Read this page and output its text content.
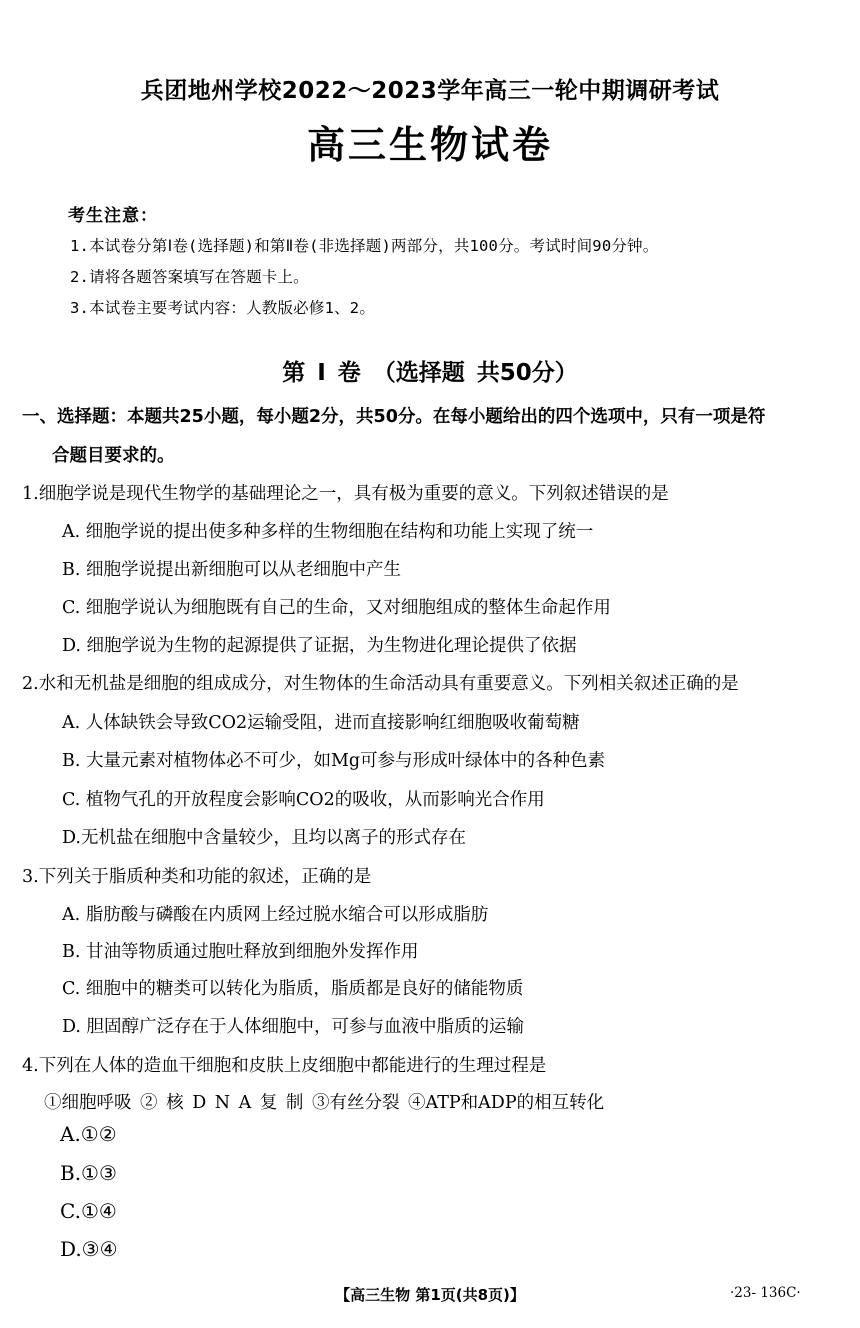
兵团地州学校2022～2023学年高三一轮中期调研考试
高三生物试卷
考生注意：
1.本试卷分第Ⅰ卷(选择题)和第Ⅱ卷(非选择题)两部分，共100分。考试时间90分钟。
2.请将各题答案填写在答题卡上。
3.本试卷主要考试内容：人教版必修1、2。
第 Ⅰ 卷 （选择题 共50分）
一、选择题：本题共25小题，每小题2分，共50分。在每小题给出的四个选项中，只有一项是符
合题目要求的。
1.细胞学说是现代生物学的基础理论之一，具有极为重要的意义。下列叙述错误的是
A. 细胞学说的提出使多种多样的生物细胞在结构和功能上实现了统一
B. 细胞学说提出新细胞可以从老细胞中产生
C. 细胞学说认为细胞既有自己的生命，又对细胞组成的整体生命起作用
D. 细胞学说为生物的起源提供了证据，为生物进化理论提供了依据
2.水和无机盐是细胞的组成成分，对生物体的生命活动具有重要意义。下列相关叙述正确的是
A. 人体缺铁会导致CO2运输受阻，进而直接影响红细胞吸收葡萄糖
B. 大量元素对植物体必不可少，如Mg可参与形成叶绿体中的各种色素
C. 植物气孔的开放程度会影响CO2的吸收，从而影响光合作用
D.无机盐在细胞中含量较少，且均以离子的形式存在
3.下列关于脂质种类和功能的叙述，正确的是
A. 脂肪酸与磷酸在内质网上经过脱水缩合可以形成脂肪
B. 甘油等物质通过胞吐释放到细胞外发挥作用
C. 细胞中的糖类可以转化为脂质，脂质都是良好的储能物质
D. 胆固醇广泛存在于人体细胞中，可参与血液中脂质的运输
4.下列在人体的造血干细胞和皮肤上皮细胞中都能进行的生理过程是
①细胞呼吸 ② 核 D N A 复 制 ③有丝分裂 ④ATP和ADP的相互转化
A.①②
B.①③
C.①④
D.③④
【高三生物 第1页(共8页)】	·23- 136C·
